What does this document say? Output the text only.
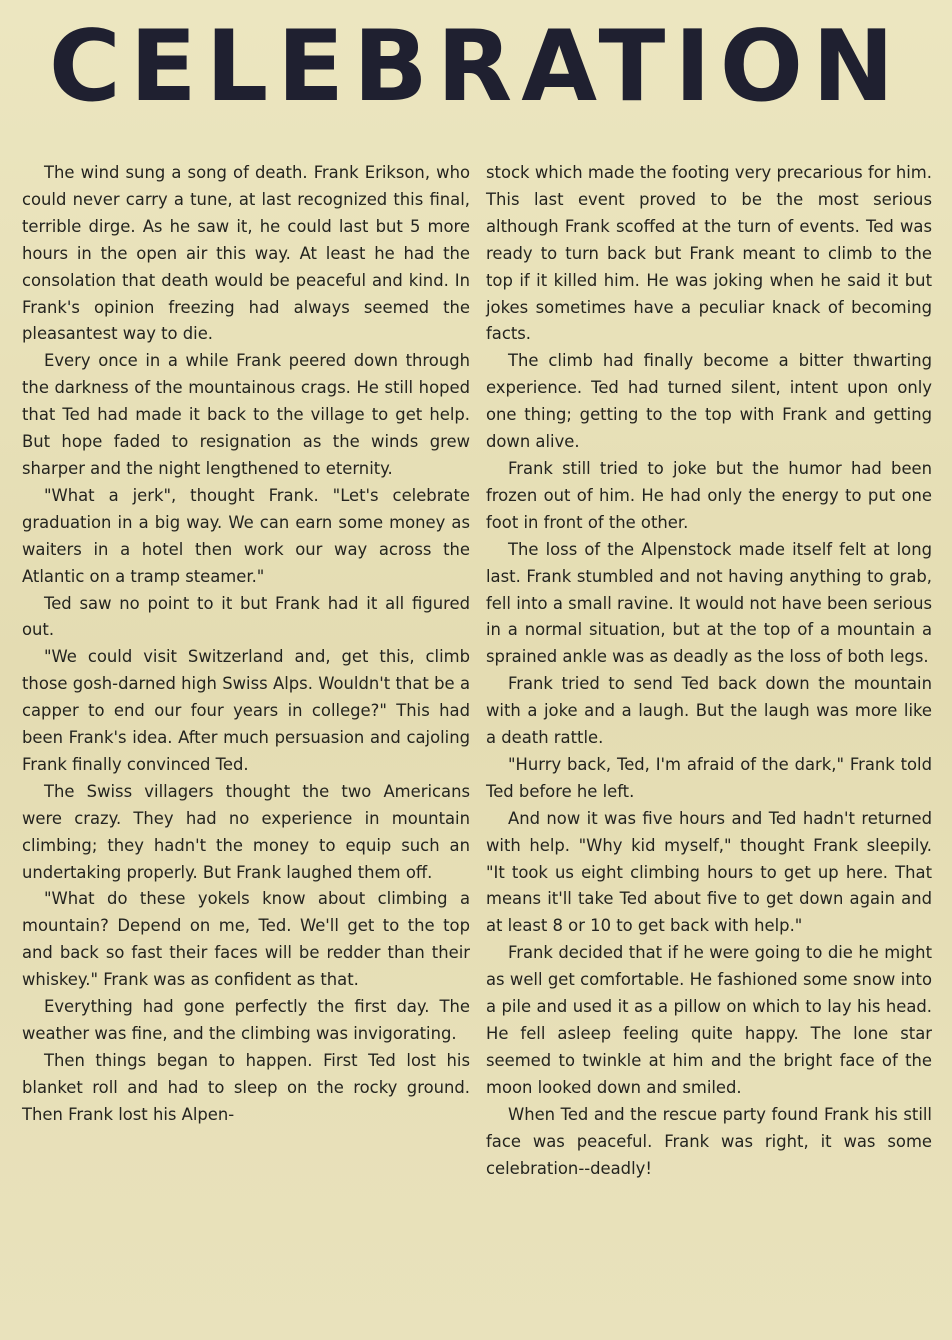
CELEBRATION

The wind sung a song of death. Frank Erikson, who could never carry a tune, at last recognized this final, terrible dirge. As he saw it, he could last but 5 more hours in the open air this way. At least he had the consolation that death would be peaceful and kind. In Frank's opinion freezing had always seemed the pleasantest way to die.

Every once in a while Frank peered down through the darkness of the mountainous crags. He still hoped that Ted had made it back to the village to get help. But hope faded to resignation as the winds grew sharper and the night lengthened to eternity.

"What a jerk", thought Frank. "Let's celebrate graduation in a big way. We can earn some money as waiters in a hotel then work our way across the Atlantic on a tramp steamer."

Ted saw no point to it but Frank had it all figured out.

"We could visit Switzerland and, get this, climb those gosh-darned high Swiss Alps. Wouldn't that be a capper to end our four years in college?" This had been Frank's idea. After much persuasion and cajoling Frank finally convinced Ted.

The Swiss villagers thought the two Americans were crazy. They had no experience in mountain climbing; they hadn't the money to equip such an undertaking properly. But Frank laughed them off.

"What do these yokels know about climbing a mountain? Depend on me, Ted. We'll get to the top and back so fast their faces will be redder than their whiskey." Frank was as confident as that.

Everything had gone perfectly the first day. The weather was fine, and the climbing was invigorating.

Then things began to happen. First Ted lost his blanket roll and had to sleep on the rocky ground. Then Frank lost his Alpen-

stock which made the footing very precarious for him. This last event proved to be the most serious although Frank scoffed at the turn of events. Ted was ready to turn back but Frank meant to climb to the top if it killed him. He was joking when he said it but jokes sometimes have a peculiar knack of becoming facts.

The climb had finally become a bitter thwarting experience. Ted had turned silent, intent upon only one thing; getting to the top with Frank and getting down alive.

Frank still tried to joke but the humor had been frozen out of him. He had only the energy to put one foot in front of the other.

The loss of the Alpenstock made itself felt at long last. Frank stumbled and not having anything to grab, fell into a small ravine. It would not have been serious in a normal situation, but at the top of a mountain a sprained ankle was as deadly as the loss of both legs.

Frank tried to send Ted back down the mountain with a joke and a laugh. But the laugh was more like a death rattle.

"Hurry back, Ted, I'm afraid of the dark," Frank told Ted before he left.

And now it was five hours and Ted hadn't returned with help. "Why kid myself," thought Frank sleepily. "It took us eight climbing hours to get up here. That means it'll take Ted about five to get down again and at least 8 or 10 to get back with help."

Frank decided that if he were going to die he might as well get comfortable. He fashioned some snow into a pile and used it as a pillow on which to lay his head. He fell asleep feeling quite happy. The lone star seemed to twinkle at him and the bright face of the moon looked down and smiled.

When Ted and the rescue party found Frank his still face was peaceful. Frank was right, it was some celebration--deadly!
